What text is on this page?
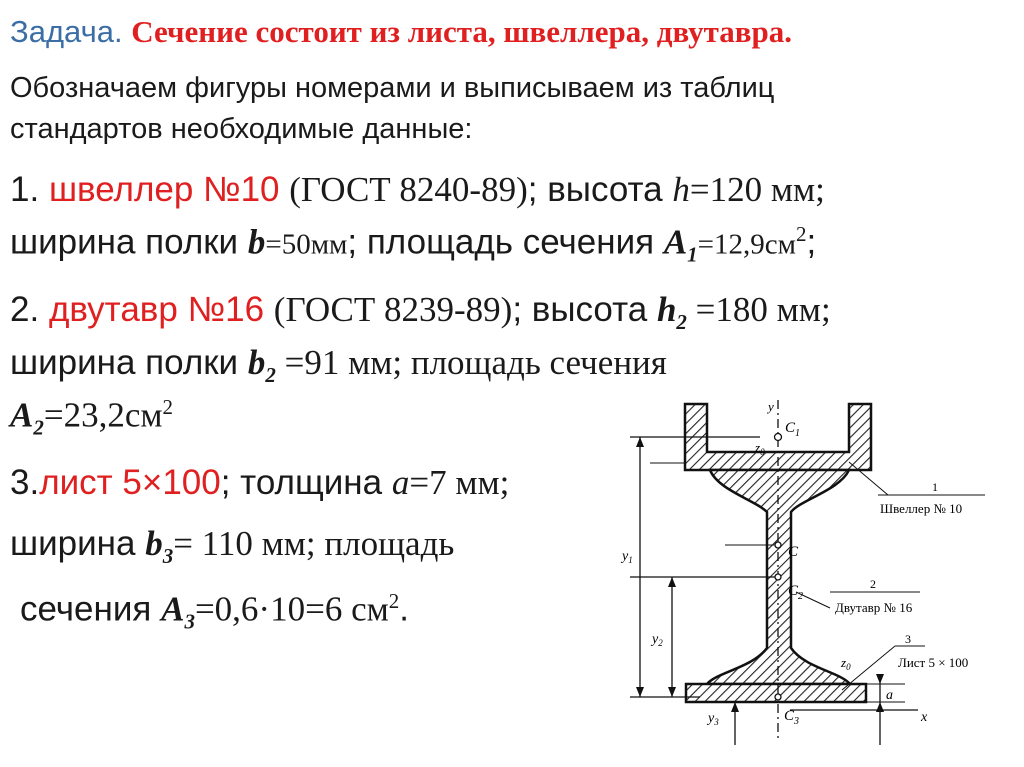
Задача. Сечение состоит из листа, швеллера, двутавра.
Обозначаем фигуры номерами и выписываем из таблиц
стандартов необходимые данные:
1. швеллер №10 (ГОСТ 8240-89); высота h=120 мм;
ширина полки b=50мм; площадь сечения $A_1=12,9см^2$;
2. двутавр №16 (ГОСТ 8239-89); высота $h_2 =180$ мм;
ширина полки $b_2 =91$ мм; площадь сечения
$A_2=23,2см^2$
3.лист 5×100; толщина a=7 мм;
ширина $b_3= 110$ мм; площадь
сечения $A_3=0,6\cdot 10=6$ $см^2$.
y
$C_1$
$z_0$
C
$C_2$
$z_0$
$C_3$
$y_1$
$y_2$
$y_3$
a
x
1
Швеллер № 10
2
Двутавр № 16
3
Лист 5 × 100
